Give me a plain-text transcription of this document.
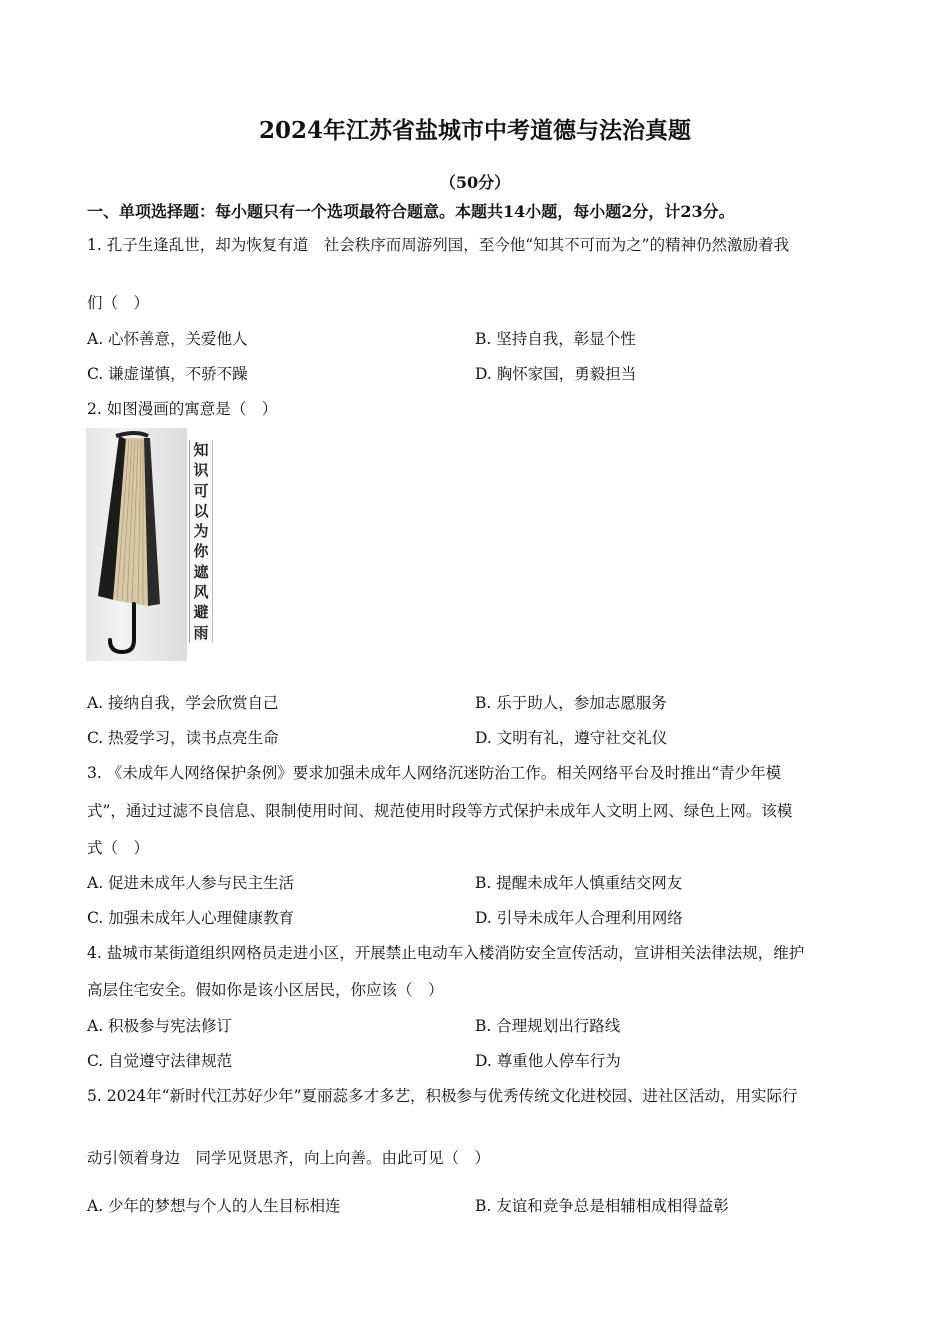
2024年江苏省盐城市中考道德与法治真题
（50分）
一、单项选择题：每小题只有一个选项最符合题意。本题共14小题，每小题2分，计23分。
1. 孔子生逢乱世，却为恢复有道　社会秩序而周游列国，至今他“知其不可而为之”的精神仍然激励着我
们（　）
A. 心怀善意，关爱他人	B. 坚持自我，彰显个性
C. 谦虚谨慎，不骄不躁	D. 胸怀家国，勇毅担当
2. 如图漫画的寓意是（　）
知
识
可
以
为
你
遮
风
避
雨
A. 接纳自我，学会欣赏自己	B. 乐于助人，参加志愿服务
C. 热爱学习，读书点亮生命	D. 文明有礼，遵守社交礼仪
3. 《未成年人网络保护条例》要求加强未成年人网络沉迷防治工作。相关网络平台及时推出“青少年模
式”，通过过滤不良信息、限制使用时间、规范使用时段等方式保护未成年人文明上网、绿色上网。该模
式（　）
A. 促进未成年人参与民主生活	B. 提醒未成年人慎重结交网友
C. 加强未成年人心理健康教育	D. 引导未成年人合理利用网络
4. 盐城市某街道组织网格员走进小区，开展禁止电动车入楼消防安全宣传活动，宣讲相关法律法规，维护
高层住宅安全。假如你是该小区居民，你应该（　）
A. 积极参与宪法修订	B. 合理规划出行路线
C. 自觉遵守法律规范	D. 尊重他人停车行为
5. 2024年“新时代江苏好少年”夏丽蕊多才多艺，积极参与优秀传统文化进校园、进社区活动，用实际行
动引领着身边　同学见贤思齐，向上向善。由此可见（　）
A. 少年的梦想与个人的人生目标相连	B. 友谊和竞争总是相辅相成相得益彰
